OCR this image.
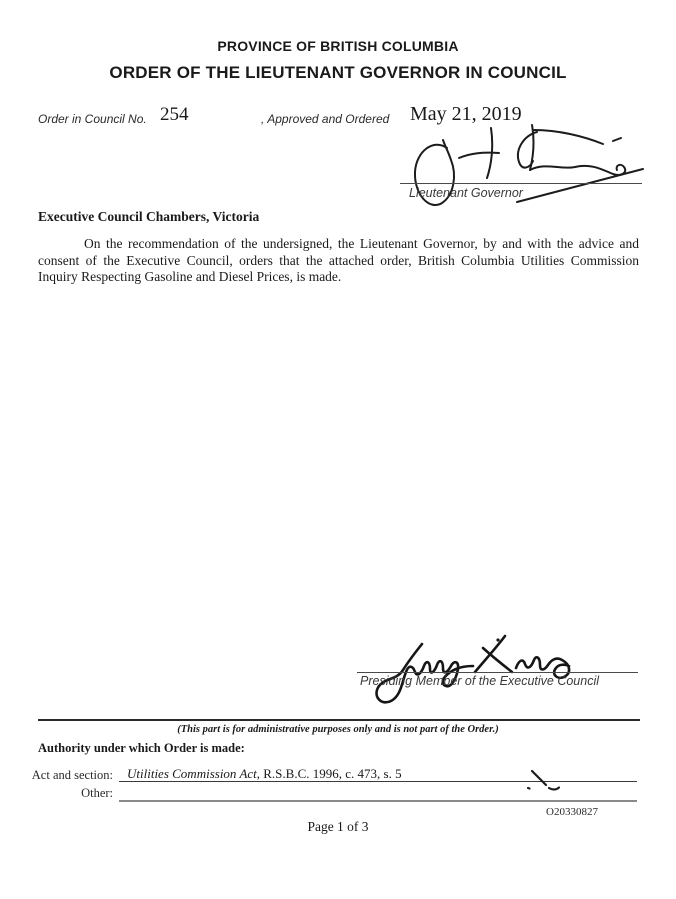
PROVINCE OF BRITISH COLUMBIA
ORDER OF THE LIEUTENANT GOVERNOR IN COUNCIL
Order in Council No. 254	, Approved and Ordered May 21, 2019
Lieutenant Governor
Executive Council Chambers, Victoria
On the recommendation of the undersigned, the Lieutenant Governor, by and with the advice and consent of the Executive Council, orders that the attached order, British Columbia Utilities Commission Inquiry Respecting Gasoline and Diesel Prices, is made.
Presiding Member of the Executive Council
(This part is for administrative purposes only and is not part of the Order.)
Authority under which Order is made:
Act and section: Utilities Commission Act, R.S.B.C. 1996, c. 473, s. 5
Other:
O20330827
Page 1 of 3
